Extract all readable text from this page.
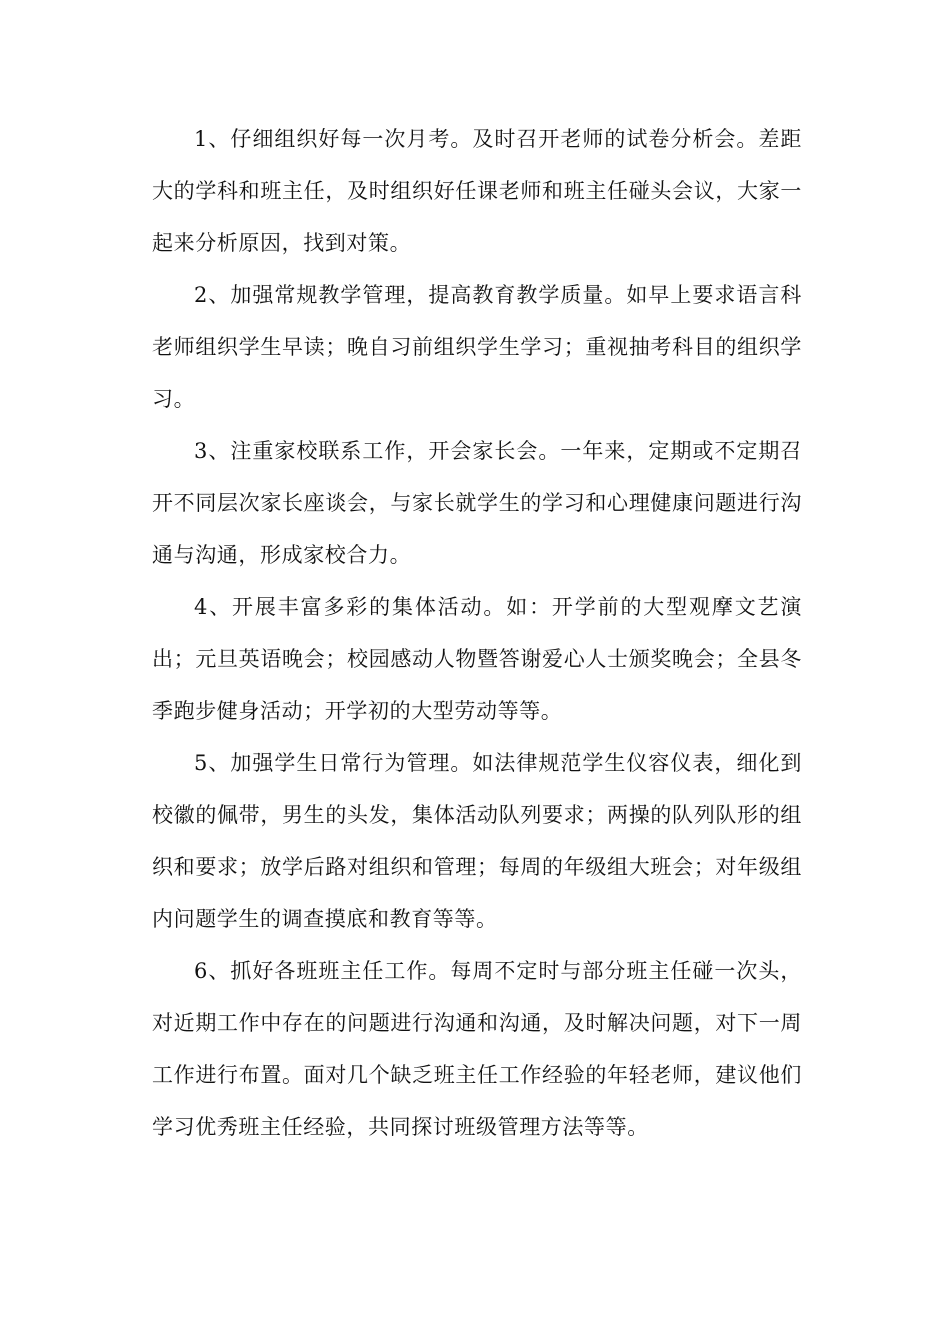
1、仔细组织好每一次月考。及时召开老师的试卷分析会。差距大的学科和班主任，及时组织好任课老师和班主任碰头会议，大家一起来分析原因，找到对策。

2、加强常规教学管理，提高教育教学质量。如早上要求语言科老师组织学生早读；晚自习前组织学生学习；重视抽考科目的组织学习。

3、注重家校联系工作，开会家长会。一年来，定期或不定期召开不同层次家长座谈会，与家长就学生的学习和心理健康问题进行沟通与沟通，形成家校合力。

4、开展丰富多彩的集体活动。如：开学前的大型观摩文艺演出；元旦英语晚会；校园感动人物暨答谢爱心人士颁奖晚会；全县冬季跑步健身活动；开学初的大型劳动等等。

5、加强学生日常行为管理。如法律规范学生仪容仪表，细化到校徽的佩带，男生的头发，集体活动队列要求；两操的队列队形的组织和要求；放学后路对组织和管理；每周的年级组大班会；对年级组内问题学生的调查摸底和教育等等。

6、抓好各班班主任工作。每周不定时与部分班主任碰一次头，对近期工作中存在的问题进行沟通和沟通，及时解决问题，对下一周工作进行布置。面对几个缺乏班主任工作经验的年轻老师，建议他们学习优秀班主任经验，共同探讨班级管理方法等等。
